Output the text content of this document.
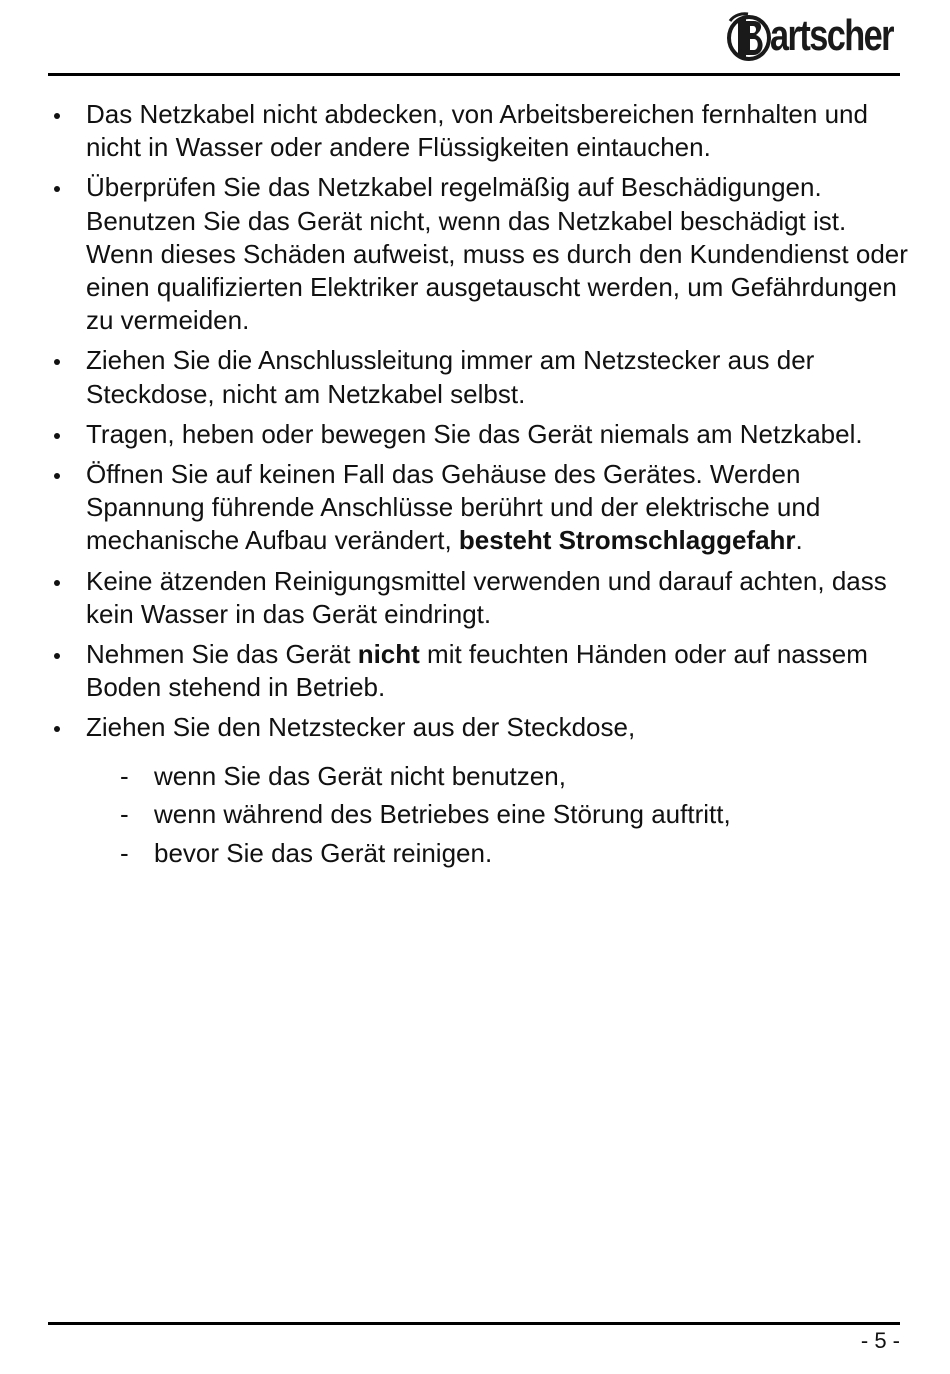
artscher
Das Netzkabel nicht abdecken, von Arbeitsbereichen fernhalten und nicht in Wasser oder andere Flüssigkeiten eintauchen.
Überprüfen Sie das Netzkabel regelmäßig auf Beschädigungen. Benutzen Sie das Gerät nicht, wenn das Netzkabel beschädigt ist. Wenn dieses Schäden aufweist, muss es durch den Kundendienst oder einen qualifizierten Elektriker ausgetauscht werden, um Gefährdungen zu vermeiden.
Ziehen Sie die Anschlussleitung immer am Netzstecker aus der Steckdose, nicht am Netzkabel selbst.
Tragen, heben oder bewegen Sie das Gerät niemals am Netzkabel.
Öffnen Sie auf keinen Fall das Gehäuse des Gerätes. Werden Spannung führende Anschlüsse berührt und der elektrische und mechanische Aufbau verändert, besteht Stromschlaggefahr.
Keine ätzenden Reinigungsmittel verwenden und darauf achten, dass kein Wasser in das Gerät eindringt.
Nehmen Sie das Gerät nicht mit feuchten Händen oder auf nassem Boden stehend in Betrieb.
Ziehen Sie den Netzstecker aus der Steckdose,
- wenn Sie das Gerät nicht benutzen,
- wenn während des Betriebes eine Störung auftritt,
- bevor Sie das Gerät reinigen.
- 5 -
